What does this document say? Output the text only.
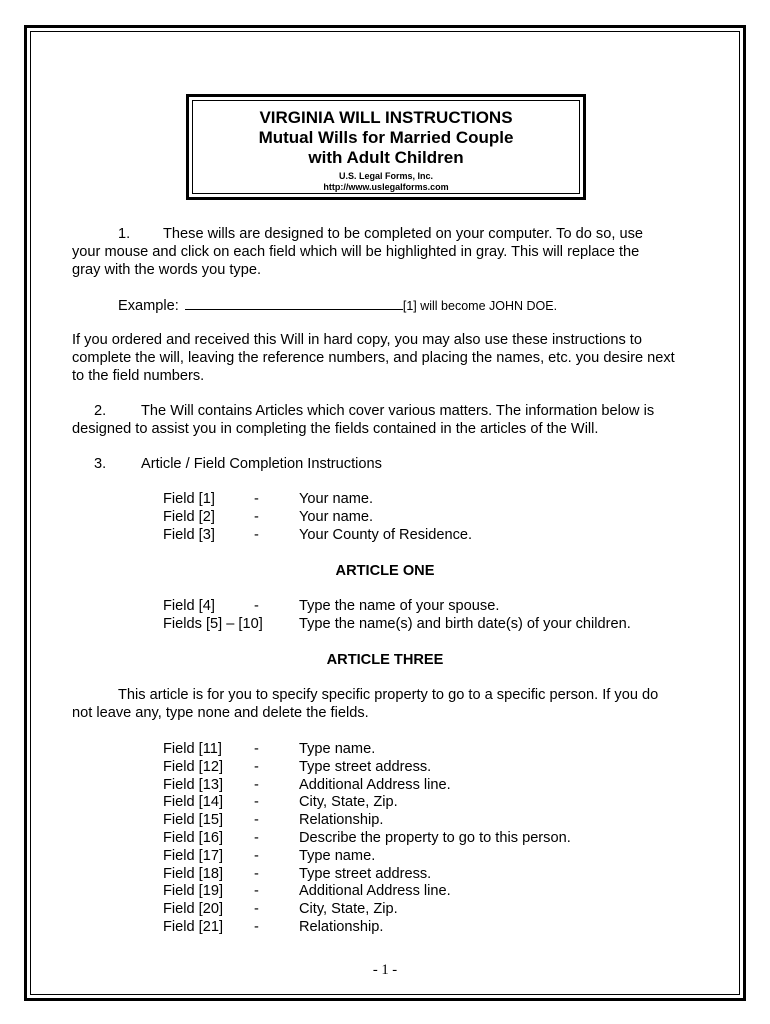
VIRGINIA WILL INSTRUCTIONS
Mutual Wills for Married Couple
with Adult Children
U.S. Legal Forms, Inc.
http://www.uslegalforms.com
1. These wills are designed to be completed on your computer. To do so, use
your mouse and click on each field which will be highlighted in gray. This will replace the
gray with the words you type.
Example:	[1] will become JOHN DOE.
If you ordered and received this Will in hard copy, you may also use these instructions to
complete the will, leaving the reference numbers, and placing the names, etc. you desire next
to the field numbers.
2. The Will contains Articles which cover various matters. The information below is
designed to assist you in completing the fields contained in the articles of the Will.
3. Article / Field Completion Instructions
Field [1]	-	Your name.
Field [2]	-	Your name.
Field [3]	-	Your County of Residence.
ARTICLE ONE
Field [4]	-	Type the name of your spouse.
Fields [5] – [10] Type the name(s) and birth date(s) of your children.
ARTICLE THREE
This article is for you to specify specific property to go to a specific person. If you do
not leave any, type none and delete the fields.
Field [11] -	Type name.
Field [12] -	Type street address.
Field [13] -	Additional Address line.
Field [14] -	City, State, Zip.
Field [15] -	Relationship.
Field [16] -	Describe the property to go to this person.
Field [17] -	Type name.
Field [18] -	Type street address.
Field [19] -	Additional Address line.
Field [20] -	City, State, Zip.
Field [21] -	Relationship.
- 1 -
